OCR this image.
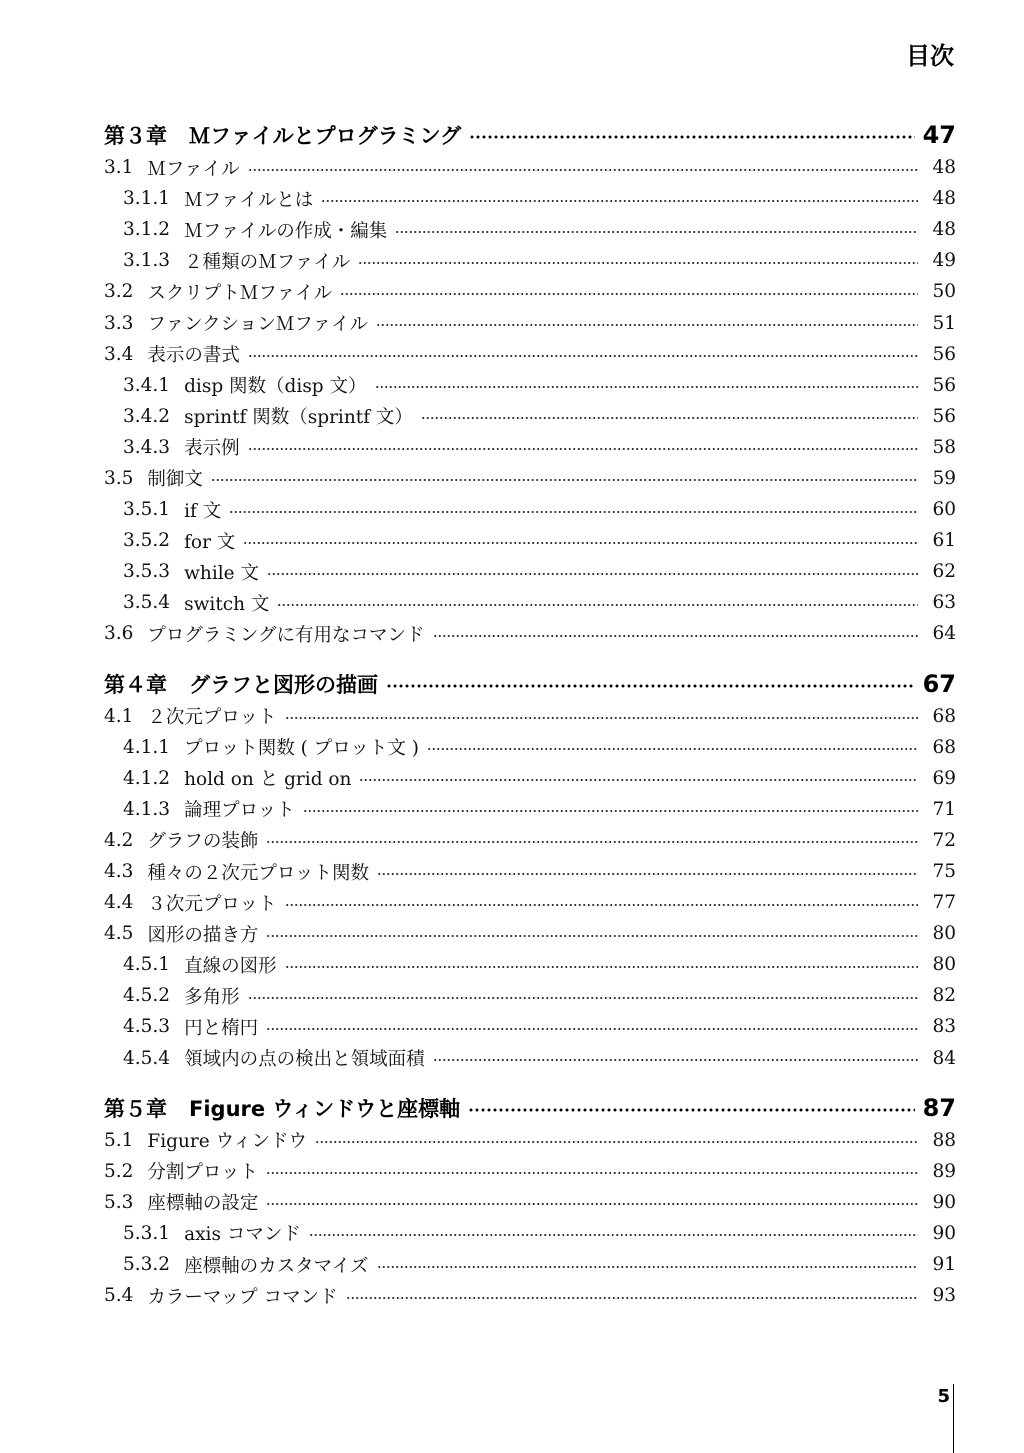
目次
第３章 Ｍファイルとプログラミング	47
3.1 Ｍファイル	48
3.1.1 Ｍファイルとは	48
3.1.2 Ｍファイルの作成・編集	48
3.1.3 ２種類のＭファイル	49
3.2 スクリプトＭファイル	50
3.3 ファンクションＭファイル	51
3.4 表示の書式	56
3.4.1 disp 関数（disp 文）	56
3.4.2 sprintf 関数（sprintf 文）	56
3.4.3 表示例	58
3.5 制御文	59
3.5.1 if 文	60
3.5.2 for 文	61
3.5.3 while 文	62
3.5.4 switch 文	63
3.6 プログラミングに有用なコマンド	64
第４章 グラフと図形の描画	67
4.1 ２次元プロット	68
4.1.1 プロット関数 ( プロット文 )	68
4.1.2 hold on と grid on	69
4.1.3 論理プロット	71
4.2 グラフの装飾	72
4.3 種々の２次元プロット関数	75
4.4 ３次元プロット	77
4.5 図形の描き方	80
4.5.1 直線の図形	80
4.5.2 多角形	82
4.5.3 円と楕円	83
4.5.4 領域内の点の検出と領域面積	84
第５章 Figure ウィンドウと座標軸	87
5.1 Figure ウィンドウ	88
5.2 分割プロット	89
5.3 座標軸の設定	90
5.3.1 axis コマンド	90
5.3.2 座標軸のカスタマイズ	91
5.4 カラーマップ コマンド	93
5
